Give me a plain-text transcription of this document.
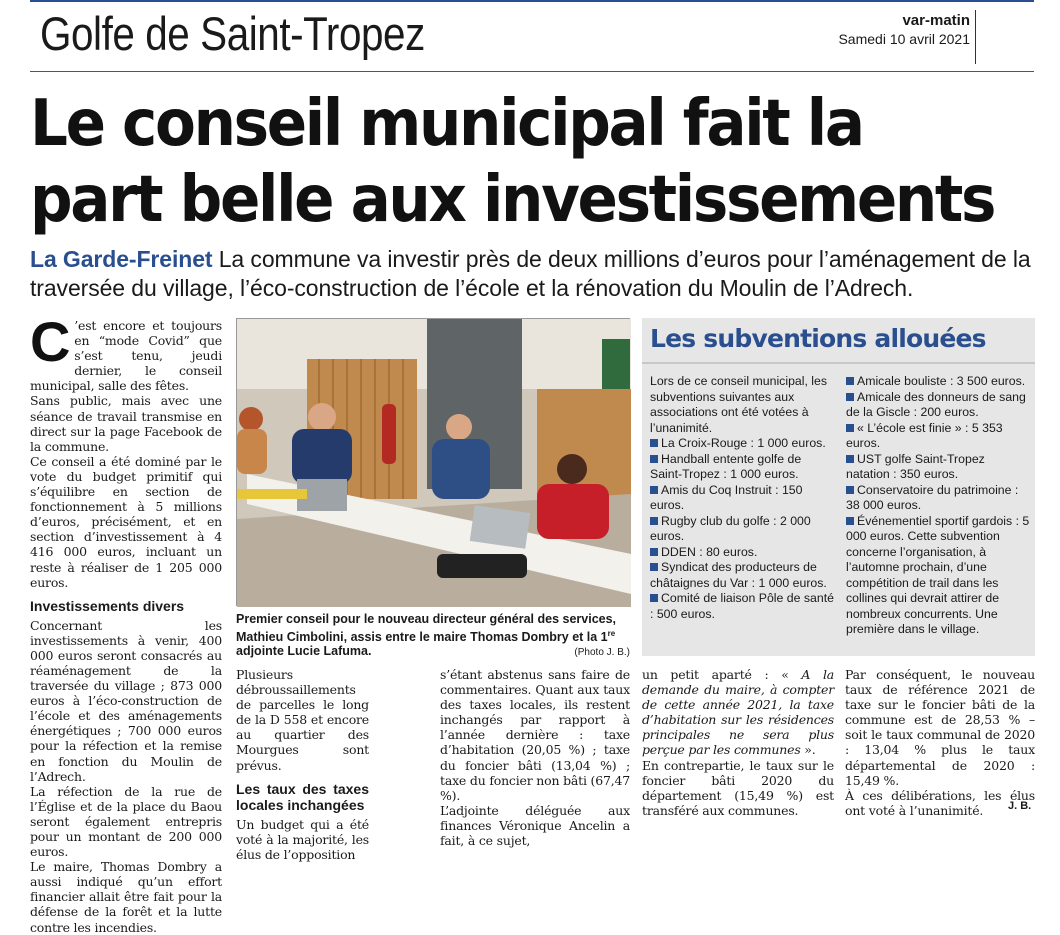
Golfe de Saint-Tropez	var-matin
Samedi 10 avril 2021
Le conseil municipal fait la part belle aux investissements
La Garde-Freinet La commune va investir près de deux millions d’euros pour l’aménagement de la traversée du village, l’éco-construction de l’école et la rénovation du Moulin de l’Adrech.

C ’est encore et toujours en “mode Covid” que s’est tenu, jeudi dernier, le conseil municipal, salle des fêtes.

Sans public, mais avec une séance de travail transmise en direct sur la page Facebook de la commune.

Ce conseil a été dominé par le vote du budget primitif qui s’équilibre en section de fonctionnement à 5 millions d’euros, précisément, et en section d’investissement à 4 416 000 euros, incluant un reste à réaliser de 1 205 000 euros.

Investissements divers

Concernant les investissements à venir, 400 000 euros seront consacrés au réaménagement de la traversée du village ; 873 000 euros à l’éco-construction de l’école et des aménagements énergétiques ; 700 000 euros pour la réfection et la remise en fonction du Moulin de l’Adrech.

La réfection de la rue de l’Église et de la place du Baou seront également entrepris pour un montant de 200 000 euros.

Le maire, Thomas Dombry a aussi indiqué qu’un effort financier allait être fait pour la défense de la forêt et la lutte contre les incendies.

Premier conseil pour le nouveau directeur général des services, Mathieu Cimbolini, assis entre le maire Thomas Dombry et la 1re adjointe Lucie Lafuma.	(Photo J. B.)

Plusieurs débroussaillements de parcelles le long de la D 558 et encore au quartier des Mourgues sont prévus.

Les taux des taxes locales inchangées

Un budget qui a été voté à la majorité, les élus de l’opposition

s’étant abstenus sans faire de commentaires. Quant aux taux des taxes locales, ils restent inchangés par rapport à l’année dernière : taxe d’habitation (20,05 %) ; taxe du foncier bâti (13,04 %) ; taxe du foncier non bâti (67,47 %).

L’adjointe déléguée aux finances Véronique Ancelin a fait, à ce sujet,

un petit aparté : « A la demande du maire, à compter de cette année 2021, la taxe d’habitation sur les résidences principales ne sera plus perçue par les communes ».

En contrepartie, le taux sur le foncier bâti 2020 du département (15,49 %) est transféré aux communes.

Par conséquent, le nouveau taux de référence 2021 de taxe sur le foncier bâti de la commune est de 28,53 % – soit le taux communal de 2020 : 13,04 % plus le taux départemental de 2020 : 15,49 %.

À ces délibérations, les élus ont voté à l’unanimité.	J. B.
Les subventions allouées

Lors de ce conseil municipal, les subventions suivantes aux associations ont été votées à l’unanimité.

La Croix-Rouge : 1 000 euros.

Handball entente golfe de Saint-Tropez : 1 000 euros.

Amis du Coq Instruit : 150 euros.

Rugby club du golfe : 2 000 euros.

DDEN : 80 euros.

Syndicat des producteurs de châtaignes du Var : 1 000 euros.

Comité de liaison Pôle de santé : 500 euros.

Amicale bouliste : 3 500 euros.

Amicale des donneurs de sang de la Giscle : 200 euros.

« L’école est finie » : 5 353 euros.

UST golfe Saint-Tropez natation : 350 euros.

Conservatoire du patrimoine : 38 000 euros.

Événementiel sportif gardois : 5 000 euros. Cette subvention concerne l’organisation, à l’automne prochain, d’une compétition de trail dans les collines qui devrait attirer de nombreux concurrents. Une première dans le village.
